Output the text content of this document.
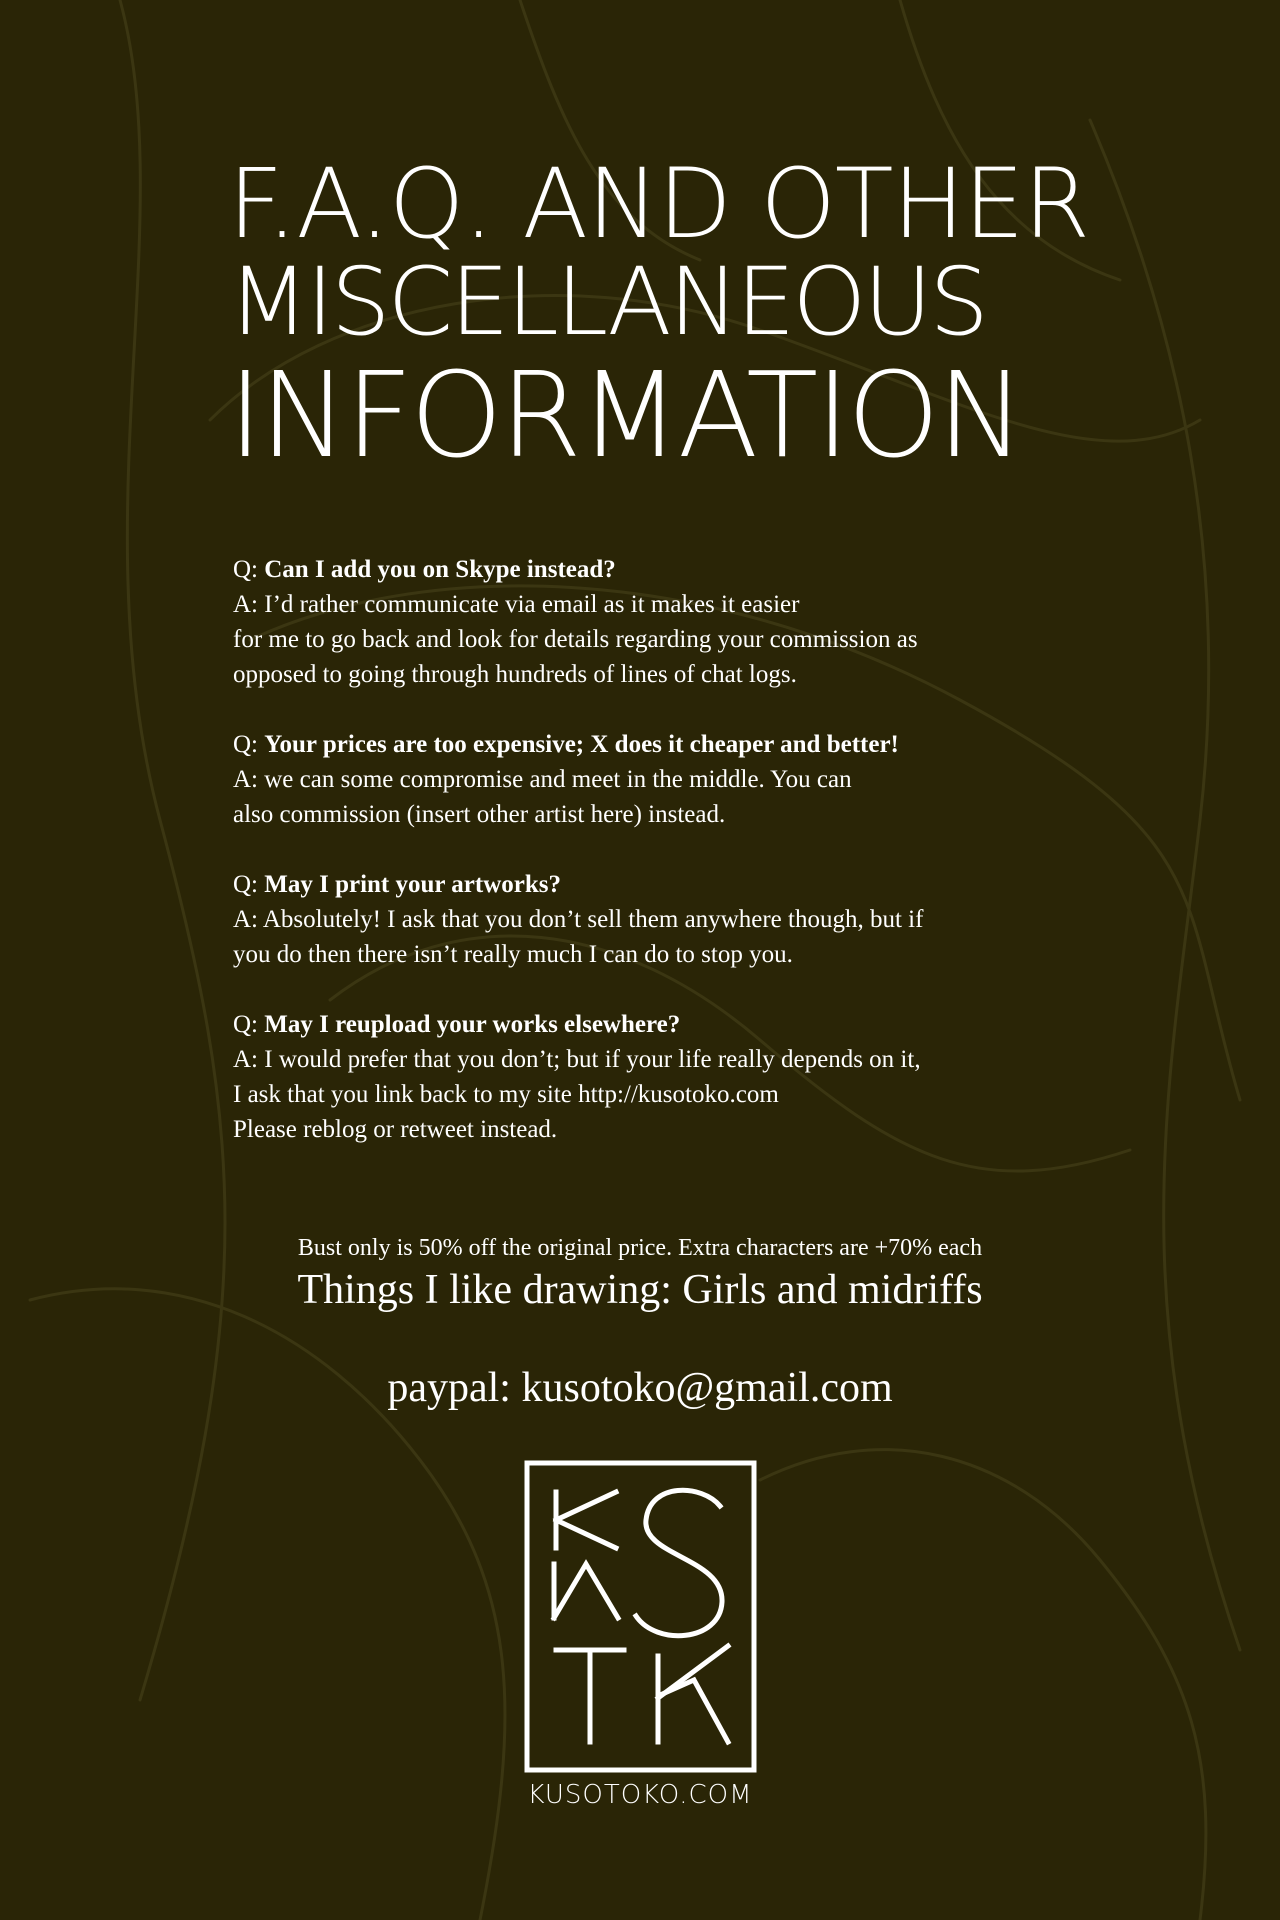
F.A.Q. AND OTHER
MISCELLANEOUS
INFORMATION
Q: Can I add you on Skype instead?
A: I’d rather communicate via email as it makes it easier
for me to go back and look for details regarding your commission as
opposed to going through hundreds of lines of chat logs.
Q: Your prices are too expensive; X does it cheaper and better!
A: we can some compromise and meet in the middle. You can
also commission (insert other artist here) instead.
Q: May I print your artworks?
A: Absolutely! I ask that you don’t sell them anywhere though, but if
you do then there isn’t really much I can do to stop you.
Q: May I reupload your works elsewhere?
A: I would prefer that you don’t; but if your life really depends on it,
I ask that you link back to my site http://kusotoko.com
Please reblog or retweet instead.
Bust only is 50% off the original price. Extra characters are +70% each
Things I like drawing: Girls and midriffs
paypal: kusotoko@gmail.com
KUSOTOKO.COM
